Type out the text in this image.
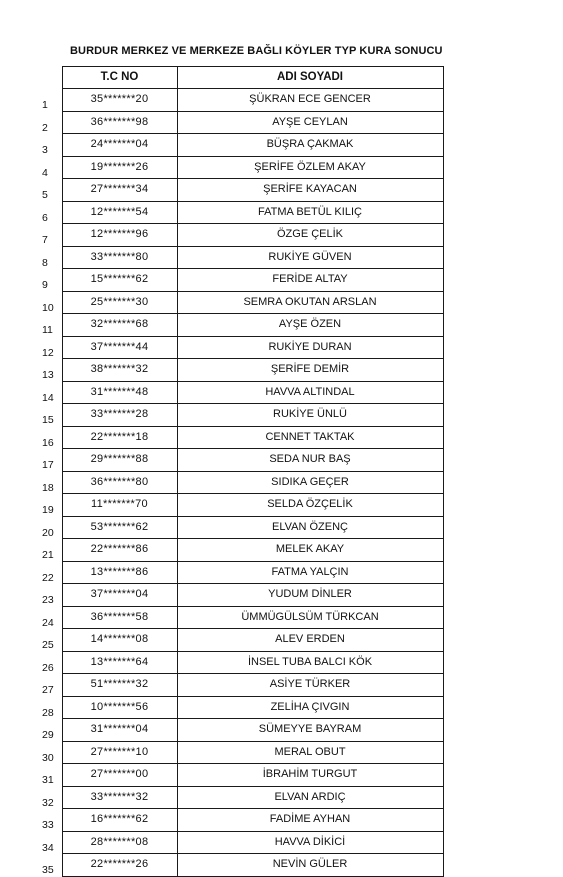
BURDUR MERKEZ VE MERKEZE BAĞLI KÖYLER TYP KURA SONUCU
	T.C NO	ADI SOYADI
1	35*******20	ŞÜKRAN ECE GENCER
2	36*******98	AYŞE CEYLAN
3	24*******04	BÜŞRA ÇAKMAK
4	19*******26	ŞERİFE ÖZLEM AKAY
5	27*******34	ŞERİFE KAYACAN
6	12*******54	FATMA BETÜL KILIÇ
7	12*******96	ÖZGE ÇELİK
8	33*******80	RUKİYE GÜVEN
9	15*******62	FERİDE ALTAY
10	25*******30	SEMRA OKUTAN ARSLAN
11	32*******68	AYŞE ÖZEN
12	37*******44	RUKİYE DURAN
13	38*******32	ŞERİFE DEMİR
14	31*******48	HAVVA ALTINDAL
15	33*******28	RUKİYE ÜNLÜ
16	22*******18	CENNET TAKTAK
17	29*******88	SEDA NUR BAŞ
18	36*******80	SIDIKA GEÇER
19	11*******70	SELDA ÖZÇELİK
20	53*******62	ELVAN ÖZENÇ
21	22*******86	MELEK AKAY
22	13*******86	FATMA YALÇIN
23	37*******04	YUDUM DİNLER
24	36*******58	ÜMMÜGÜLSÜM TÜRKCAN
25	14*******08	ALEV ERDEN
26	13*******64	İNSEL TUBA BALCI KÖK
27	51*******32	ASİYE TÜRKER
28	10*******56	ZELİHA ÇIVGIN
29	31*******04	SÜMEYYE BAYRAM
30	27*******10	MERAL OBUT
31	27*******00	İBRAHİM TURGUT
32	33*******32	ELVAN ARDIÇ
33	16*******62	FADİME AYHAN
34	28*******08	HAVVA DİKİCİ
35	22*******26	NEVİN GÜLER
